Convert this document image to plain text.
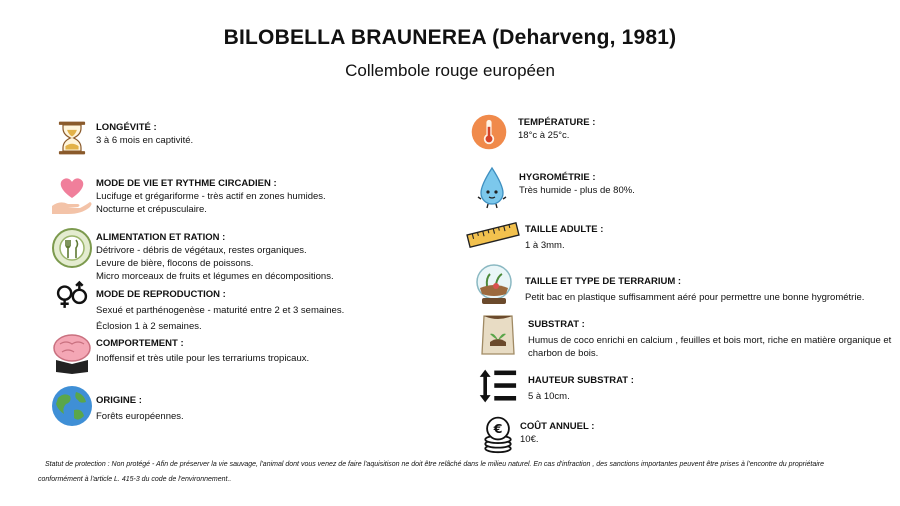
BILOBELLA BRAUNEREA (Deharveng, 1981)
Collembole rouge européen
LONGÉVITÉ :
3 à 6 mois en captivité.
MODE DE VIE ET RYTHME CIRCADIEN :
Lucifuge et grégariforme - très actif en zones humides.
Nocturne et crépusculaire.
ALIMENTATION ET RATION :
Détrivore - débris de végétaux, restes organiques.
Levure de bière, flocons de poissons.
Micro morceaux de fruits et légumes en décompositions.
MODE DE REPRODUCTION :
Sexué et parthénogenèse - maturité entre 2 et 3 semaines.
Éclosion 1 à 2 semaines.
COMPORTEMENT :
Inoffensif et très utile pour les terrariums tropicaux.
ORIGINE :
Forêts européennes.
TEMPÉRATURE :
18°c à 25°c.
HYGROMÉTRIE :
Très humide - plus de 80%.
TAILLE ADULTE :
1 à 3mm.
TAILLE ET TYPE DE TERRARIUM :
Petit bac en plastique suffisamment aéré pour permettre une bonne hygrométrie.
SUBSTRAT :
Humus de coco enrichi en calcium , feuilles et bois mort, riche en matière organique et charbon de bois.
HAUTEUR SUBSTRAT :
5 à 10cm.
€ COÛT ANNUEL :
10€.
Statut de protection : Non protégé - Afin de préserver la vie sauvage, l'animal dont vous venez de faire l'aquisitison ne doit être relâché dans le milieu naturel. En cas d'infraction , des sanctions importantes peuvent être prises à l'encontre du propriétaire
conformément à l'article L. 415-3 du code de l'environnement..
